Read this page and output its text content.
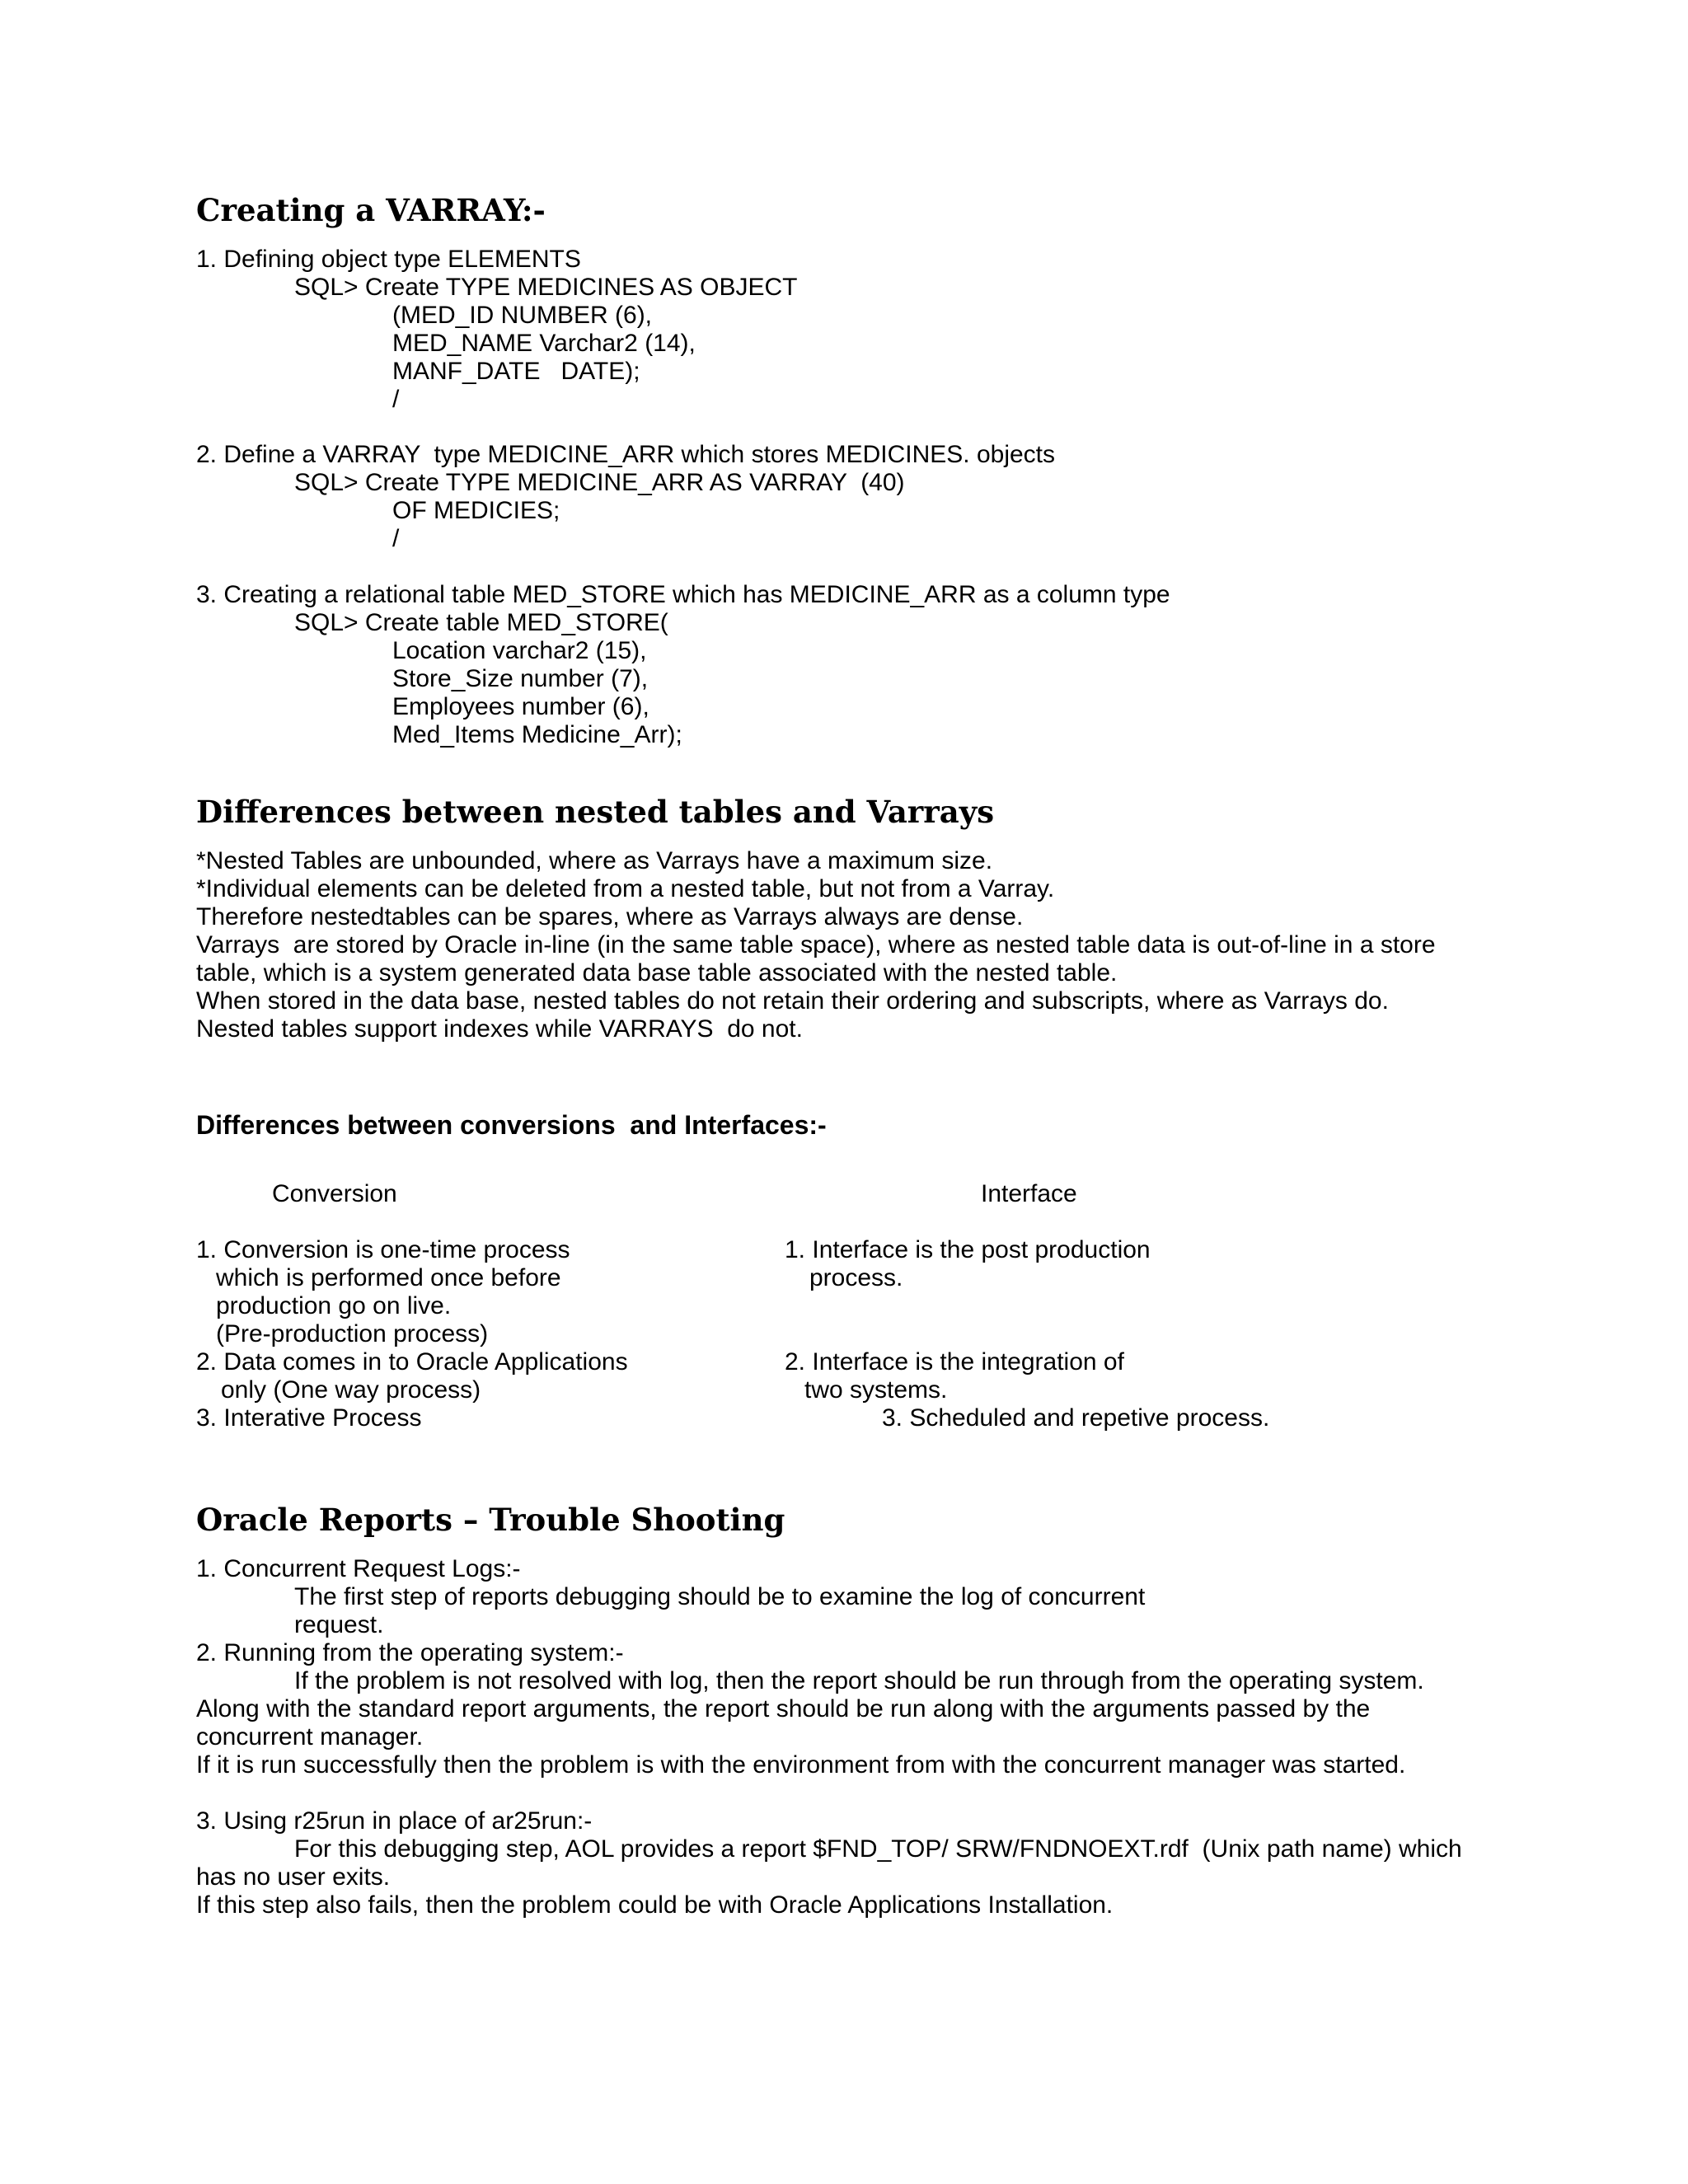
Creating a VARRAY:-
1. Defining object type ELEMENTS
SQL> Create TYPE MEDICINES AS OBJECT
(MED_ID NUMBER (6),
MED_NAME Varchar2 (14),
MANF_DATE   DATE);
/
2. Define a VARRAY  type MEDICINE_ARR which stores MEDICINES. objects
SQL> Create TYPE MEDICINE_ARR AS VARRAY  (40)
OF MEDICIES;
/
3. Creating a relational table MED_STORE which has MEDICINE_ARR as a column type
SQL> Create table MED_STORE(
Location varchar2 (15),
Store_Size number (7),
Employees number (6),
Med_Items Medicine_Arr);
Differences between nested tables and Varrays
*Nested Tables are unbounded, where as Varrays have a maximum size.
*Individual elements can be deleted from a nested table, but not from a Varray.
Therefore nestedtables can be spares, where as Varrays always are dense.
Varrays  are stored by Oracle in-line (in the same table space), where as nested table data is out-of-line in a store
table, which is a system generated data base table associated with the nested table.
When stored in the data base, nested tables do not retain their ordering and subscripts, where as Varrays do.
Nested tables support indexes while VARRAYS  do not.
Differences between conversions  and Interfaces:-
Conversion	Interface
1. Conversion is one-time process
which is performed once before
production go on live.
(Pre-production process)
2. Data comes in to Oracle Applications
only (One way process)
3. Interative Process
1. Interface is the post production
process.
2. Interface is the integration of
two systems.
3. Scheduled and repetive process.
Oracle Reports – Trouble Shooting
1. Concurrent Request Logs:-
The first step of reports debugging should be to examine the log of concurrent
request.
2. Running from the operating system:-
If the problem is not resolved with log, then the report should be run through from the operating system.
Along with the standard report arguments, the report should be run along with the arguments passed by the
concurrent manager.
If it is run successfully then the problem is with the environment from with the concurrent manager was started.
3. Using r25run in place of ar25run:-
For this debugging step, AOL provides a report $FND_TOP/ SRW/FNDNOEXT.rdf  (Unix path name) which
has no user exits.
If this step also fails, then the problem could be with Oracle Applications Installation.
